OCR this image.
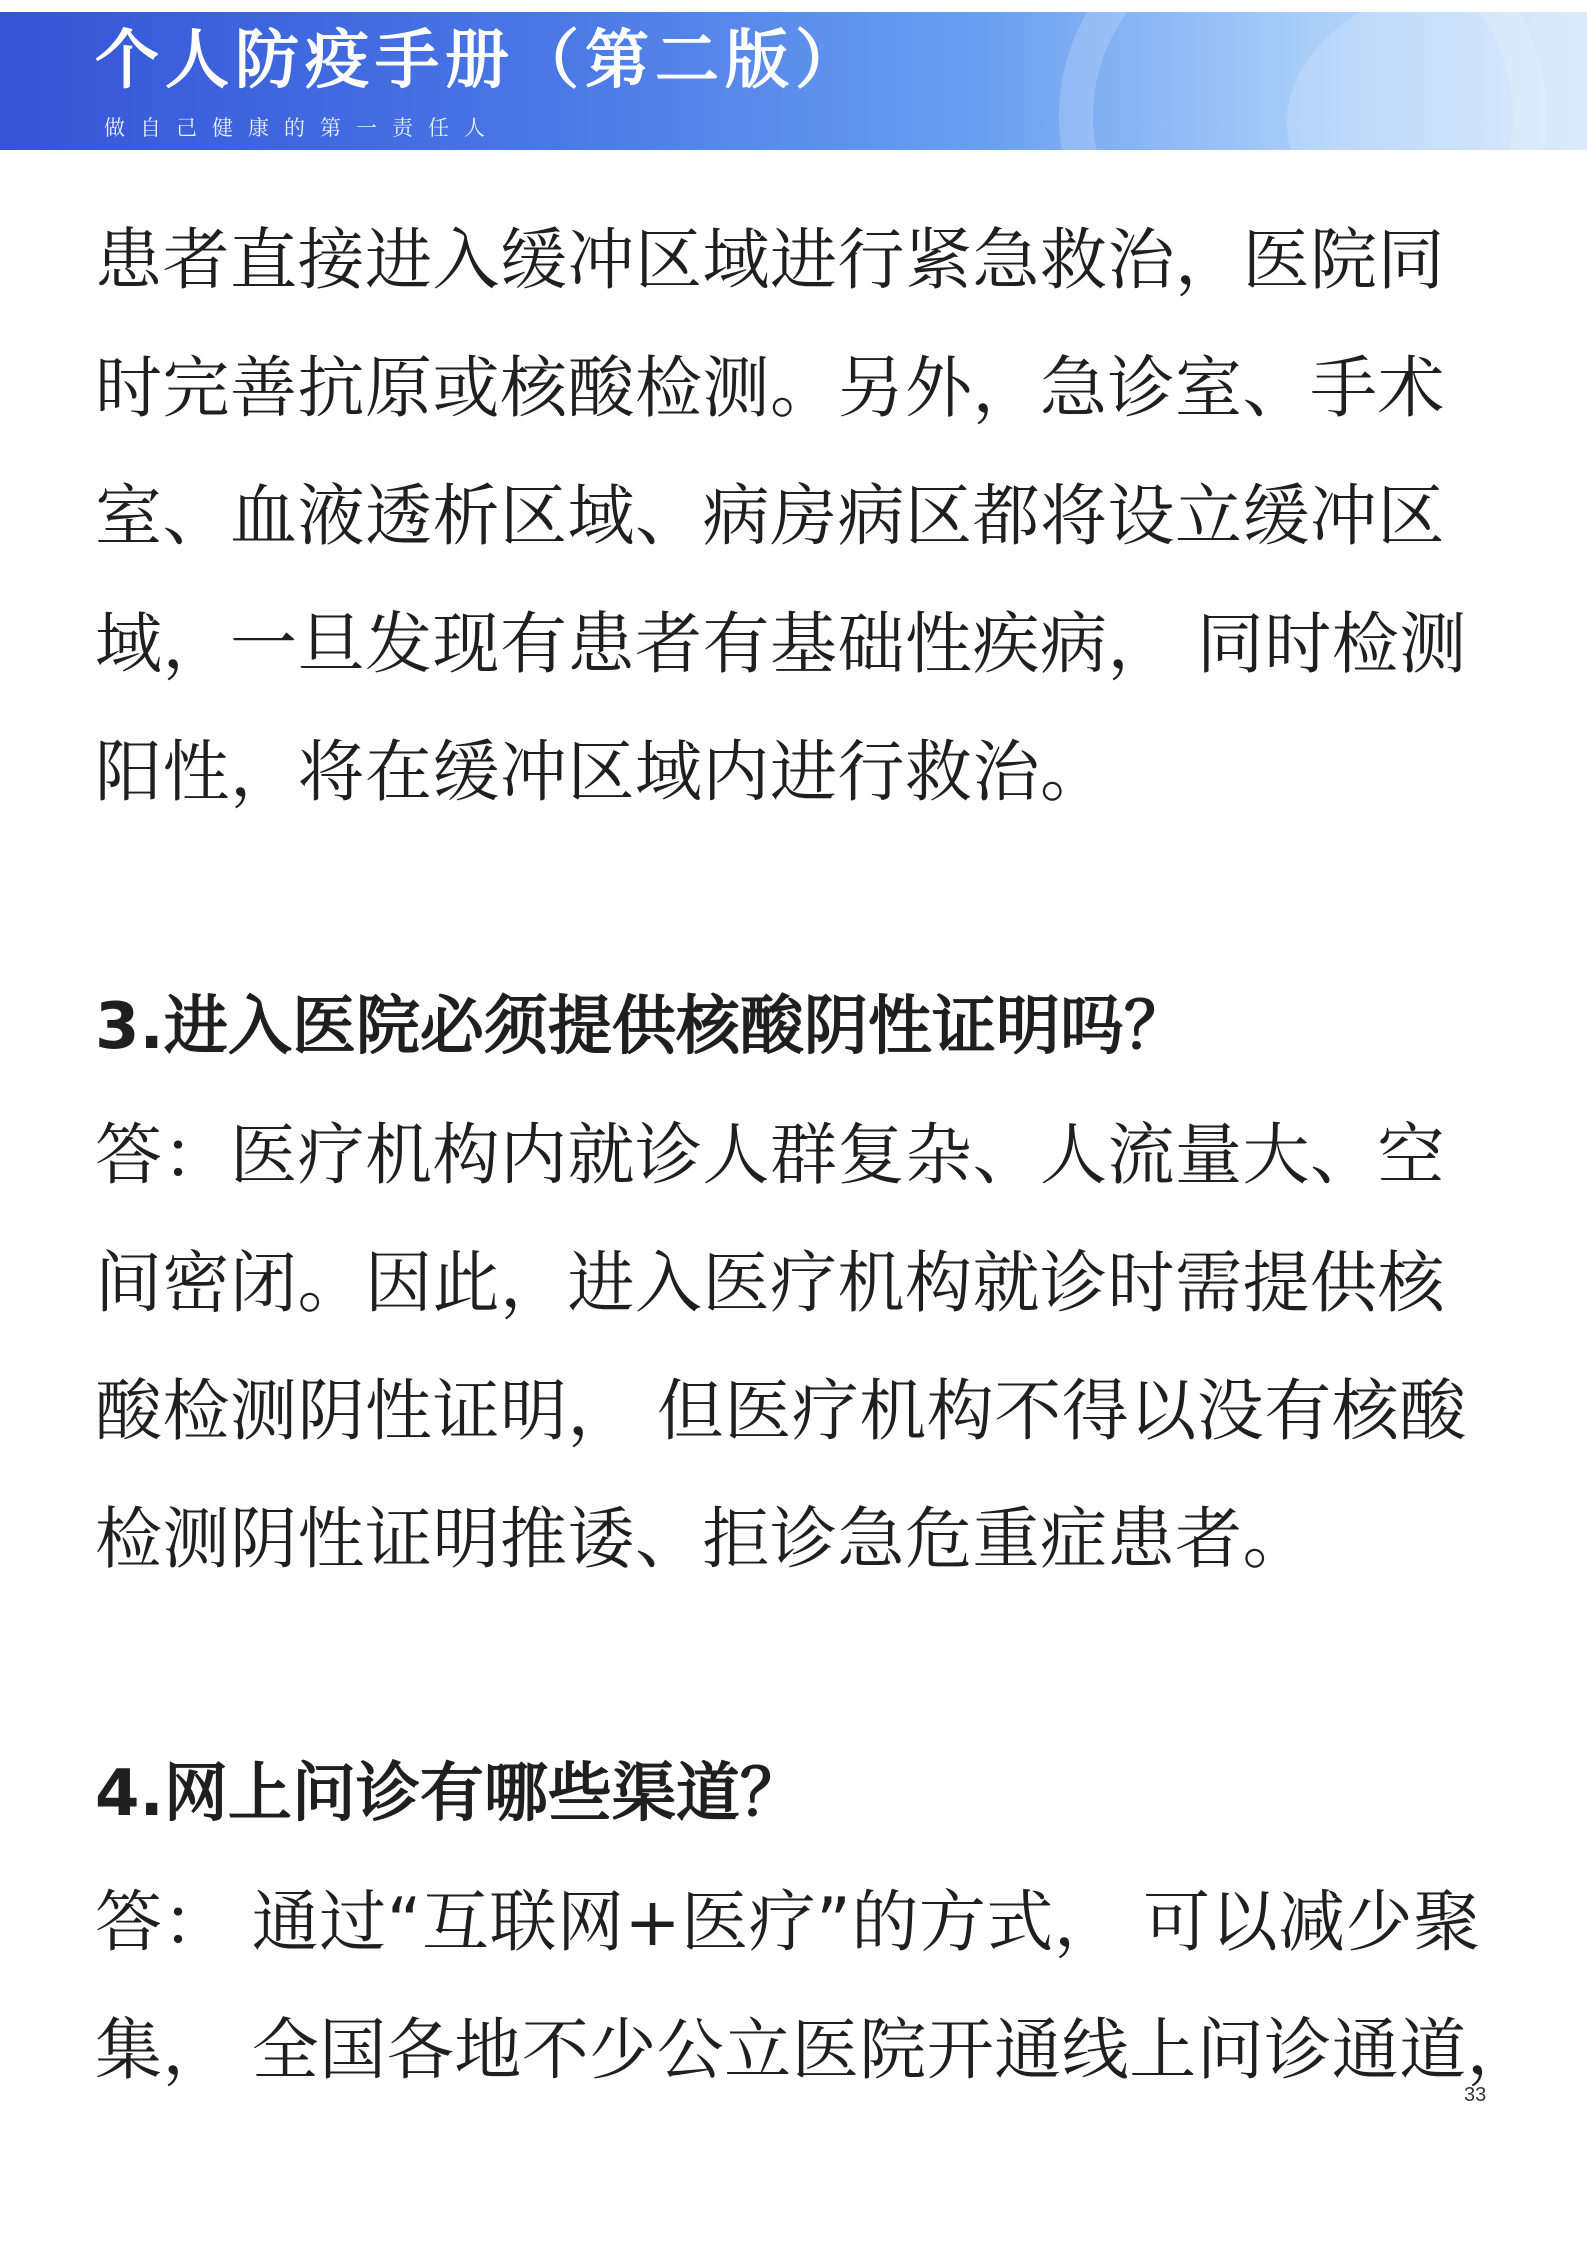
个人防疫手册（第二版）
做自己健康的第一责任人

患者直接进入缓冲区域进行紧急救治，医院同

时完善抗原或核酸检测。另外，急诊室、手术

室、血液透析区域、病房病区都将设立缓冲区

域，一旦发现有患者有基础性疾病， 同时检测

阳性，将在缓冲区域内进行救治。

3.进入医院必须提供核酸阴性证明吗？

答：医疗机构内就诊人群复杂、人流量大、空

间密闭。因此，进入医疗机构就诊时需提供核

酸检测阴性证明， 但医疗机构不得以没有核酸

检测阴性证明推诿、拒诊急危重症患者。

4.网上问诊有哪些渠道？

答： 通过“互联网+医疗”的方式， 可以减少聚

集， 全国各地不少公立医院开通线上问诊通道，

33
